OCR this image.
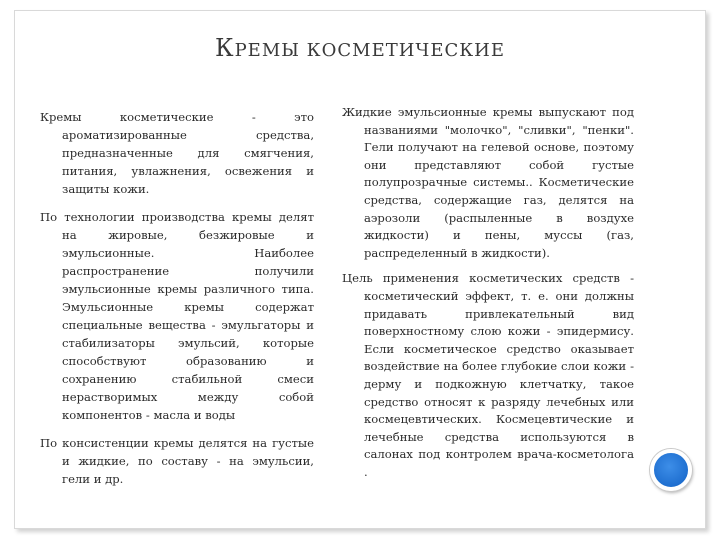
КРЕМЫ КОСМЕТИЧЕСКИЕ

Кремы косметические - это ароматизированные средства, предназначенные для смягчения, питания, увлажнения, освежения и защиты кожи.

По технологии производства кремы делят на жировые, безжировые и эмульсионные. Наиболее распространение получили эмульсионные кремы различного типа. Эмульсионные кремы содержат специальные вещества - эмульгаторы и стабилизаторы эмульсий, которые способствуют образованию и сохранению стабильной смеси нерастворимых между собой компонентов - масла и воды

По консистенции кремы делятся на густые и жидкие, по составу - на эмульсии, гели и др.

Жидкие эмульсионные кремы выпускают под названиями "молочко", "сливки", "пенки". Гели получают на гелевой основе, поэтому они представляют собой густые полупрозрачные системы.. Косметические средства, содержащие газ, делятся на аэрозоли (распыленные в воздухе жидкости) и пены, муссы (газ, распределенный в жидкости).

Цель применения косметических средств - косметический эффект, т. е. они должны придавать привлекательный вид поверхностному слою кожи - эпидермису. Если косметическое средство оказывает воздействие на более глубокие слои кожи - дерму и подкожную клетчатку, такое средство относят к разряду лечебных или космецевтических. Космецевтические и лечебные средства используются в салонах под контролем врача-косметолога .
